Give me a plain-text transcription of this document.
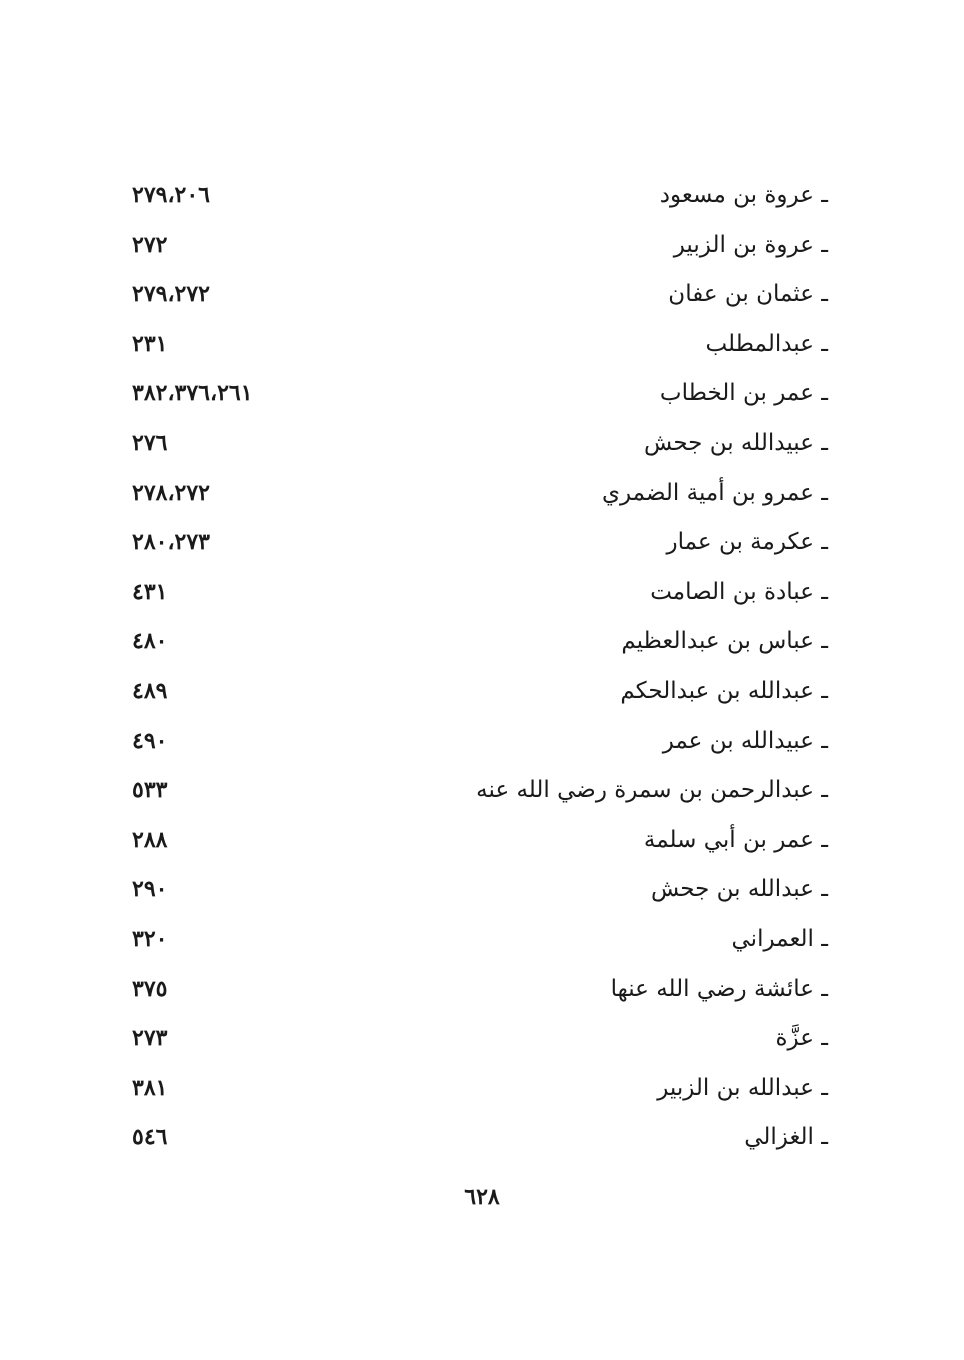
ـ عروة بن مسعود
٢٧٩،٢٠٦
ـ عروة بن الزبير
٢٧٢
ـ عثمان بن عفان
٢٧٩،٢٧٢
ـ عبدالمطلب
٢٣١
ـ عمر بن الخطاب
٣٨٢،٣٧٦،٢٦١
ـ عبيدالله بن جحش
٢٧٦
ـ عمرو بن أمية الضمري
٢٧٨،٢٧٢
ـ عكرمة بن عمار
٢٨٠،٢٧٣
ـ عبادة بن الصامت
٤٣١
ـ عباس بن عبدالعظيم
٤٨٠
ـ عبدالله بن عبدالحكم
٤٨٩
ـ عبيدالله بن عمر
٤٩٠
ـ عبدالرحمن بن سمرة رضي الله عنه
٥٣٣
ـ عمر بن أبي سلمة
٢٨٨
ـ عبدالله بن جحش
٢٩٠
ـ العمراني
٣٢٠
ـ عائشة رضي الله عنها
٣٧٥
ـ عزَّة
٢٧٣
ـ عبدالله بن الزبير
٣٨١
ـ الغزالي
٥٤٦
٦٢٨
